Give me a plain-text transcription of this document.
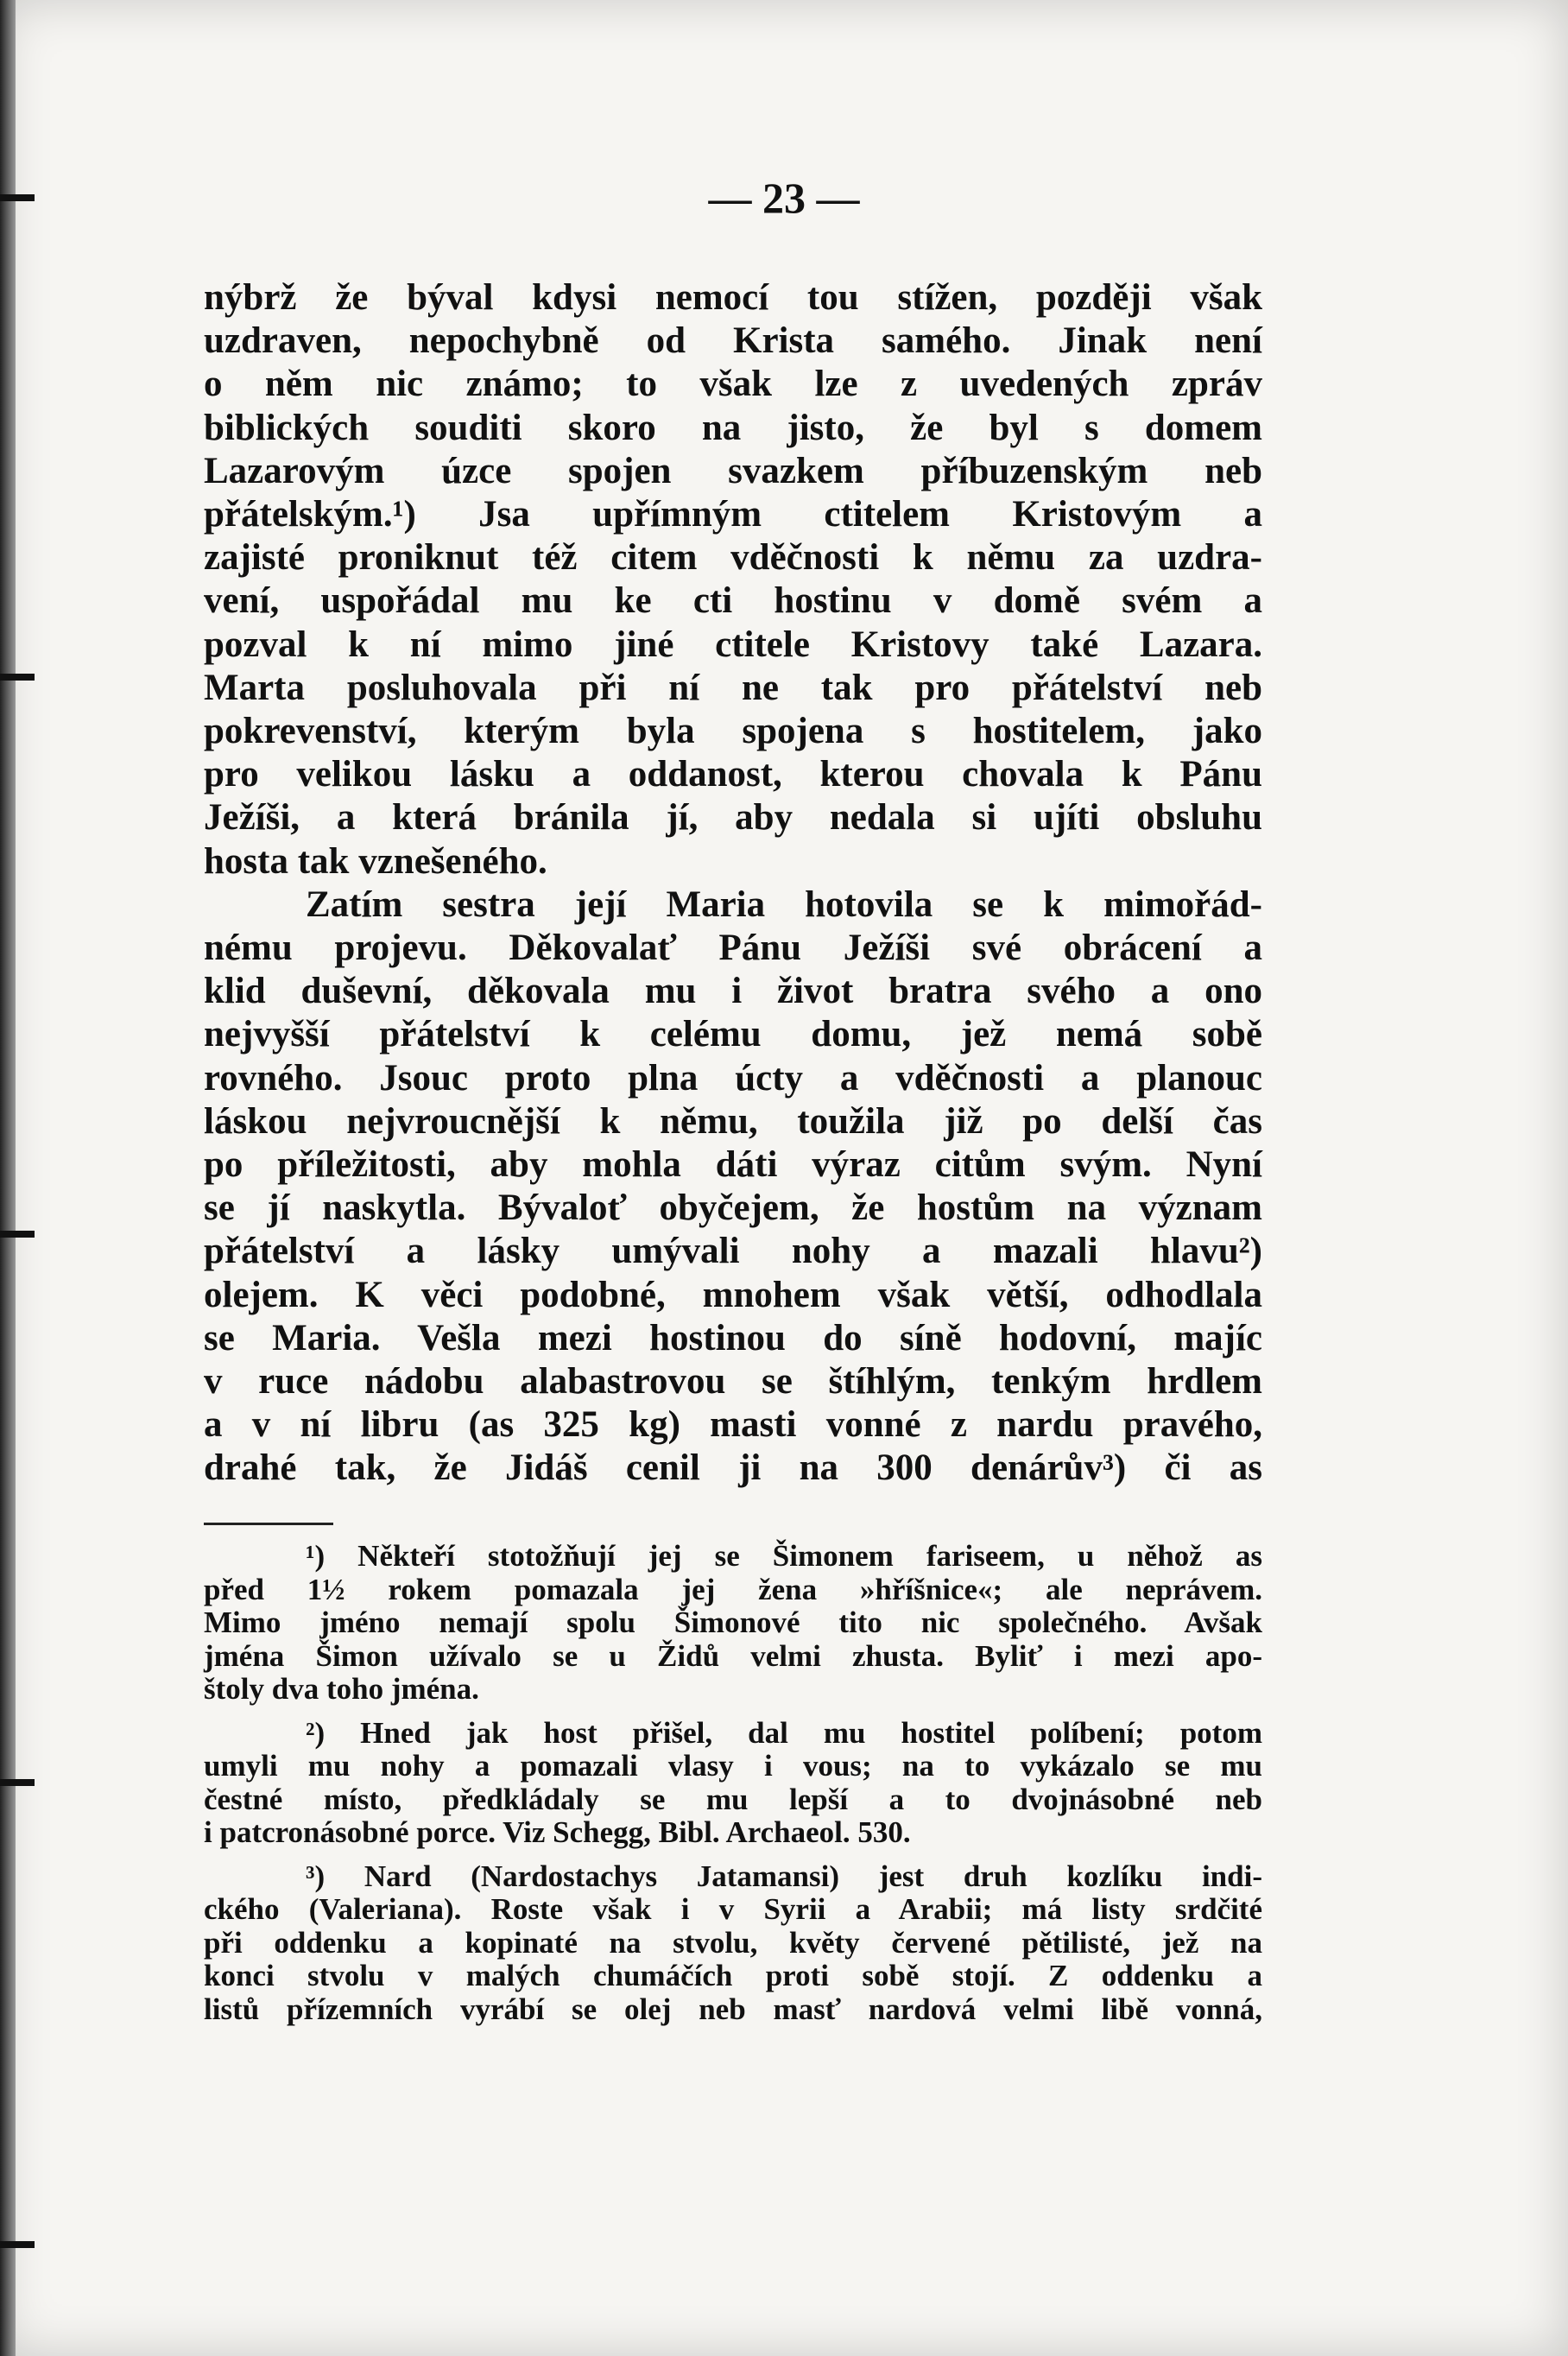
— 23 —
nýbrž že býval kdysi nemocí tou stížen, později však
uzdraven, nepochybně od Krista samého. Jinak není
o něm nic známo; to však lze z uvedených zpráv
biblických souditi skoro na jisto, že byl s domem
Lazarovým úzce spojen svazkem příbuzenským neb
přátelským.¹) Jsa upřímným ctitelem Kristovým a
zajisté proniknut též citem vděčnosti k němu za uzdra-
vení, uspořádal mu ke cti hostinu v domě svém a
pozval k ní mimo jiné ctitele Kristovy také Lazara.
Marta posluhovala při ní ne tak pro přátelství neb
pokrevenství, kterým byla spojena s hostitelem, jako
pro velikou lásku a oddanost, kterou chovala k Pánu
Ježíši, a která bránila jí, aby nedala si ujíti obsluhu
hosta tak vznešeného.
Zatím sestra její Maria hotovila se k mimořád-
nému projevu. Děkovalať Pánu Ježíši své obrácení a
klid duševní, děkovala mu i život bratra svého a ono
nejvyšší přátelství k celému domu, jež nemá sobě
rovného. Jsouc proto plna úcty a vděčnosti a planouc
láskou nejvroucnější k němu, toužila již po delší čas
po příležitosti, aby mohla dáti výraz citům svým. Nyní
se jí naskytla. Bývaloť obyčejem, že hostům na význam
přátelství a lásky umývali nohy a mazali hlavu²)
olejem. K věci podobné, mnohem však větší, odhodlala
se Maria. Vešla mezi hostinou do síně hodovní, majíc
v ruce nádobu alabastrovou se štíhlým, tenkým hrdlem
a v ní libru (as 325 kg) masti vonné z nardu pravého,
drahé tak, že Jidáš cenil ji na 300 denárův³) či as
¹) Někteří stotožňují jej se Šimonem fariseem, u něhož as
před 1½ rokem pomazala jej žena »hříšnice«; ale neprávem.
Mimo jméno nemají spolu Šimonové tito nic společného. Avšak
jména Šimon užívalo se u Židů velmi zhusta. Byliť i mezi apo-
štoly dva toho jména.
²) Hned jak host přišel, dal mu hostitel políbení; potom
umyli mu nohy a pomazali vlasy i vous; na to vykázalo se mu
čestné místo, předkládaly se mu lepší a to dvojnásobné neb
i patcronásobné porce. Viz Schegg, Bibl. Archaeol. 530.
³) Nard (Nardostachys Jatamansi) jest druh kozlíku indi-
ckého (Valeriana). Roste však i v Syrii a Arabii; má listy srdčité
při oddenku a kopinaté na stvolu, květy červené pětilisté, jež na
konci stvolu v malých chumáčích proti sobě stojí. Z oddenku a
listů přízemních vyrábí se olej neb masť nardová velmi libě vonná,
